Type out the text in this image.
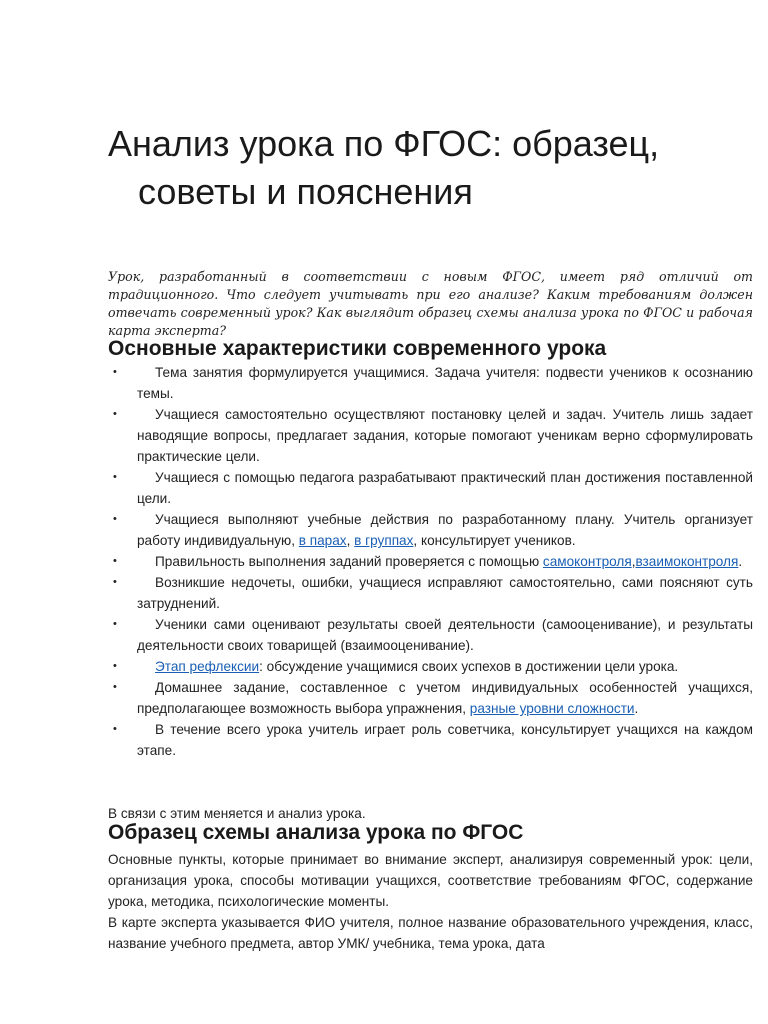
Анализ урока по ФГОС: образец,
советы и пояснения

Урок, разработанный в соответствии с новым ФГОС, имеет ряд отличий от традиционного. Что следует учитывать при его анализе? Каким требованиям должен отвечать современный урок? Как выглядит образец схемы анализа урока по ФГОС и рабочая карта эксперта?

Основные характеристики современного урока
•	Тема занятия формулируется учащимися. Задача учителя: подвести учеников к осознанию темы.
•	Учащиеся самостоятельно осуществляют постановку целей и задач. Учитель лишь задает наводящие вопросы, предлагает задания, которые помогают ученикам верно сформулировать практические цели.
•	Учащиеся с помощью педагога разрабатывают практический план достижения поставленной цели.
•	Учащиеся выполняют учебные действия по разработанному плану. Учитель организует работу индивидуальную, в парах, в группах, консультирует учеников.
•	Правильность выполнения заданий проверяется с помощью самоконтроля,взаимоконтроля.
•	Возникшие недочеты, ошибки, учащиеся исправляют самостоятельно, сами поясняют суть затруднений.
•	Ученики сами оценивают результаты своей деятельности (самооценивание), и результаты деятельности своих товарищей (взаимооценивание).
•	Этап рефлексии: обсуждение учащимися своих успехов в достижении цели урока.
•	Домашнее задание, составленное с учетом индивидуальных особенностей учащихся, предполагающее возможность выбора упражнения, разные уровни сложности.
•	В течение всего урока учитель играет роль советчика, консультирует учащихся на каждом этапе.

В связи с этим меняется и анализ урока.

Образец схемы анализа урока по ФГОС

Основные пункты, которые принимает во внимание эксперт, анализируя современный урок: цели, организация урока, способы мотивации учащихся, соответствие требованиям ФГОС, содержание урока, методика, психологические моменты.

В карте эксперта указывается ФИО учителя, полное название образовательного учреждения, класс, название учебного предмета, автор УМК/ учебника, тема урока, дата
